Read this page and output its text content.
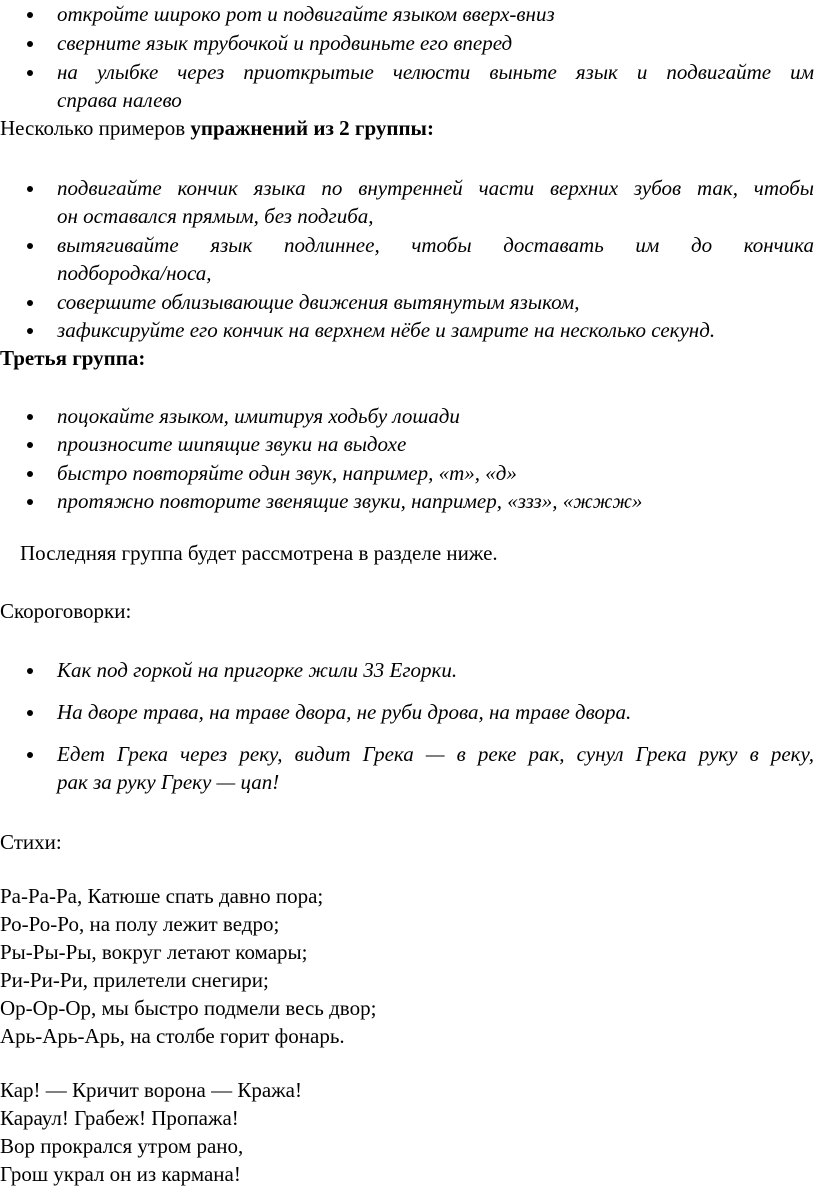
откройте широко рот и подвигайте языком вверх-вниз
сверните язык трубочкой и продвиньте его вперед
на улыбке через приоткрытые челюсти выньте язык и подвигайте им
справа налево
Несколько примеров упражнений из 2 группы:
подвигайте кончик языка по внутренней части верхних зубов так, чтобы
он оставался прямым, без подгиба,
вытягивайте язык подлиннее, чтобы доставать им до кончика
подбородка/носа,
совершите облизывающие движения вытянутым языком,
зафиксируйте его кончик на верхнем нёбе и замрите на несколько секунд.
Третья группа:
поцокайте языком, имитируя ходьбу лошади
произносите шипящие звуки на выдохе
быстро повторяйте один звук, например, «т», «д»
протяжно повторите звенящие звуки, например, «ззз», «жжж»
Последняя группа будет рассмотрена в разделе ниже.
Скороговорки:
Как под горкой на пригорке жили 33 Егорки.
На дворе трава, на траве двора, не руби дрова, на траве двора.
Едет Грека через реку, видит Грека — в реке рак, сунул Грека руку в реку,
рак за руку Греку — цап!
Стихи:
Ра-Ра-Ра, Катюше спать давно пора;
Ро-Ро-Ро, на полу лежит ведро;
Ры-Ры-Ры, вокруг летают комары;
Ри-Ри-Ри, прилетели снегири;
Ор-Ор-Ор, мы быстро подмели весь двор;
Арь-Арь-Арь, на столбе горит фонарь.
Кар! — Кричит ворона — Кража!
Караул! Грабеж! Пропажа!
Вор прокрался утром рано,
Грош украл он из кармана!
